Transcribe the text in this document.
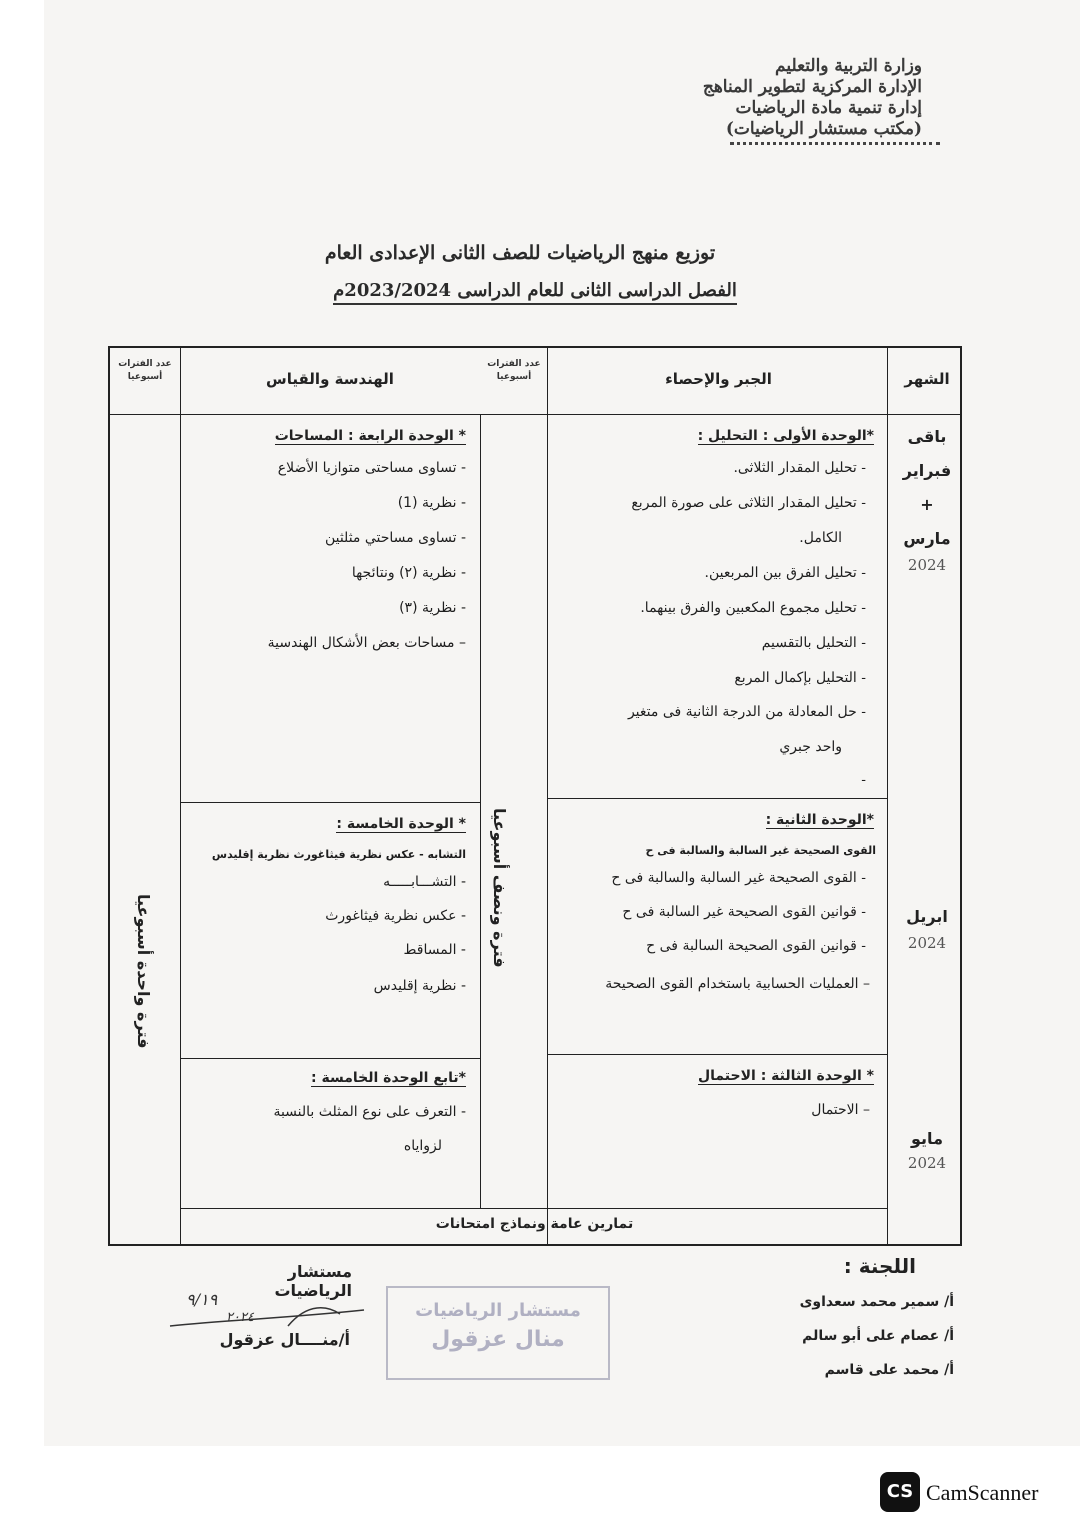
وزارة التربية والتعليم
الإدارة المركزية لتطوير المناهج
إدارة تنمية مادة الرياضيات
(مكتب مستشار الرياضيات)
توزيع منهج الرياضيات للصف الثانى الإعدادى العام
الفصل الدراسى الثانى للعام الدراسى 2023/2024م
الشهر
الجبر والإحصاء
عدد الفترات أسبوعيا
الهندسة والقياس
عدد الفترات أسبوعيا
فترة ونصف أسبوعيا
فترة واحدة أسبوعيا
باقى
فبراير
+
مارس
2024
*الوحدة الأولى : التحليل :
- تحليل المقدار الثلاثى.
- تحليل المقدار الثلاثى على صورة المربع
الكامل.
- تحليل الفرق بين المربعين.
- تحليل مجموع المكعبين والفرق بينهما.
- التحليل بالتقسيم
- التحليل بإكمال المربع
- حل المعادلة من الدرجة الثانية فى متغير
واحد جبري
-
* الوحدة الرابعة : المساحات
- تساوى مساحتى متوازيا الأضلاع
- نظرية (1)
- تساوى مساحتي مثلثين
- نظرية (٢) ونتائجها
- نظرية (٣)
– مساحات بعض الأشكال الهندسية
ابريل
2024
*الوحدة الثانية :
القوى الصحيحة غير السالبة والسالبة فى ح
- القوى الصحيحة غير السالبة والسالبة فى ح
- قوانين القوى الصحيحة غير السالبة فى ح
- قوانين القوى الصحيحة السالبة فى ح
– العمليات الحسابية باستخدام القوى الصحيحة
* الوحدة الخامسة :
التشابه - عكس نظرية فيثاغورث نظرية إقليدس
- التشـــابـــــه
- عكس نظرية فيثاغورث
- المساقط
- نظرية إقليدس
مايو
2024
* الوحدة الثالثة : الاحتمال
– الاحتمال
*تابع الوحدة الخامسة :
- التعرف على نوع المثلث بالنسبة
لزواياه
تمارين عامة ونماذج امتحانات
اللجنة :
أ/ سمير محمد سعداوى
أ/ عصام على أبو سالم
أ/ محمد على قاسم
مستشار الرياضيات
أ/منــــال عزقول
٩/١٩
٢٠٢٤	مستشار الرياضيات
منال عزقول
CS CamScanner
